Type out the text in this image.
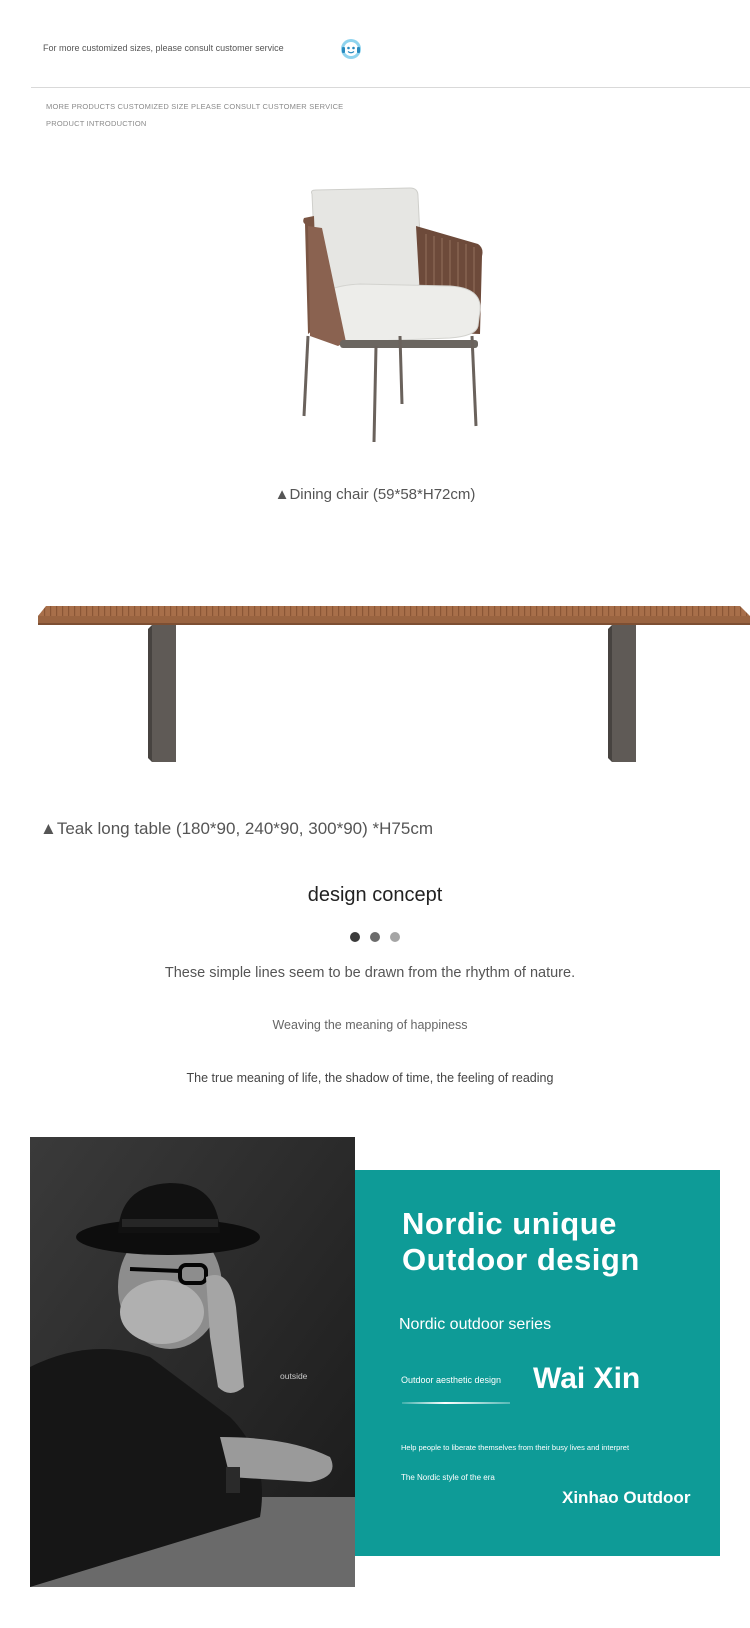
For more customized sizes, please consult customer service
MORE PRODUCTS CUSTOMIZED SIZE PLEASE CONSULT CUSTOMER SERVICE
PRODUCT INTRODUCTION
▲Dining chair (59*58*H72cm)
▲Teak long table (180*90, 240*90, 300*90) *H75cm
design concept
These simple lines seem to be drawn from the rhythm of nature.
Weaving the meaning of happiness
The true meaning of life, the shadow of time, the feeling of reading
outside
Nordic unique
Outdoor design
Nordic outdoor series
Outdoor aesthetic design Wai Xin
Help people to liberate themselves from their busy lives and interpret
The Nordic style of the era
Xinhao Outdoor
